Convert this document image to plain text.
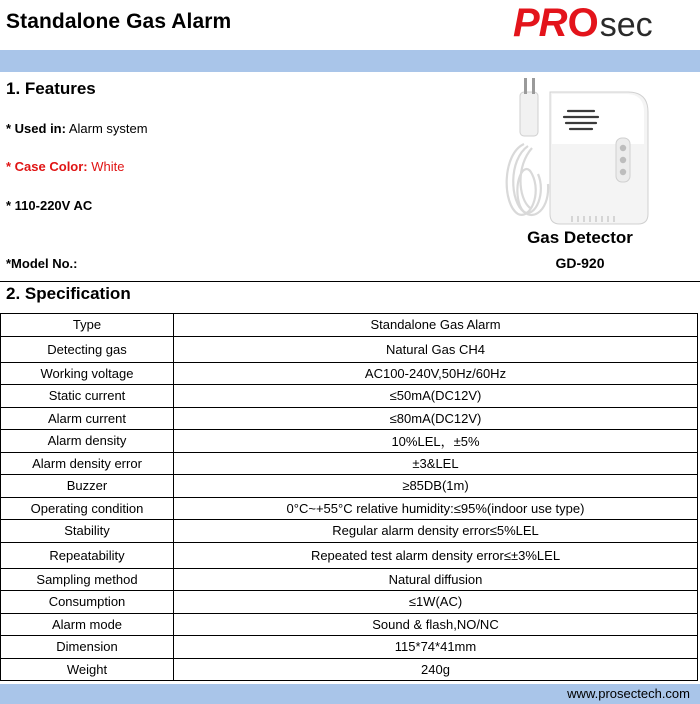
Standalone Gas Alarm	PR O sec
1. Features
* Used in: Alarm system
* Case Color: White
* 110-220V AC
Gas Detector
GD-920
*Model No.:
2. Specification
Type	Standalone Gas Alarm
Detecting gas	Natural Gas CH4
Working voltage	AC100-240V,50Hz/60Hz
Static current	≤50mA(DC12V)
Alarm current	≤80mA(DC12V)
Alarm density	10%LEL，±5%
Alarm density error	±3&LEL
Buzzer	≥85DB(1m)
Operating condition	0°C~+55°C relative humidity:≤95%(indoor use type)
Stability	Regular alarm density error≤5%LEL
Repeatability	Repeated test alarm density error≤±3%LEL
Sampling method	Natural diffusion
Consumption	≤1W(AC)
Alarm mode	Sound & flash,NO/NC
Dimension	115*74*41mm
Weight	240g
www.prosectech.com
